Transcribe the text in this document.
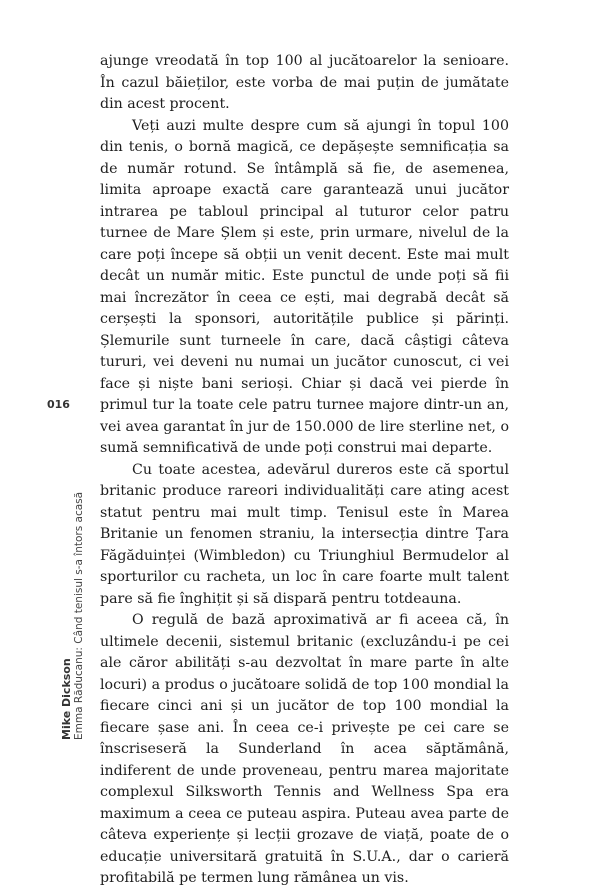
016
Mike Dickson Emma Răducanu: Când tenisul s-a întors acasă

ajunge vreodată în top 100 al jucătoarelor la senioare. În cazul băieților, este vorba de mai puțin de jumătate din acest procent.

Veți auzi multe despre cum să ajungi în topul 100 din tenis, o bornă magică, ce depășește semnificația sa de număr rotund. Se întâmplă să fie, de asemenea, limita aproape exactă care garantează unui jucător intrarea pe tabloul principal al tuturor celor patru turnee de Mare Șlem și este, prin urmare, nivelul de la care poți începe să obții un venit decent. Este mai mult decât un număr mitic. Este punctul de unde poți să fii mai încrezător în ceea ce ești, mai degrabă decât să cerșești la sponsori, autoritățile publice și părinți. Șlemurile sunt turneele în care, dacă câștigi câteva tururi, vei deveni nu numai un jucător cunoscut, ci vei face și niște bani serioși. Chiar și dacă vei pierde în primul tur la toate cele patru turnee majore dintr-un an, vei avea garantat în jur de 150.000 de lire sterline net, o sumă semnificativă de unde poți construi mai departe.

Cu toate acestea, adevărul dureros este că sportul britanic produce rareori individualități care ating acest statut pentru mai mult timp. Tenisul este în Marea Britanie un fenomen straniu, la intersecția dintre Țara Făgăduinței (Wimbledon) cu Triunghiul Bermudelor al sporturilor cu racheta, un loc în care foarte mult talent pare să fie înghițit și să dispară pentru totdeauna.

O regulă de bază aproximativă ar fi aceea că, în ultimele decenii, sistemul britanic (excluzându-i pe cei ale căror abilități s-au dezvoltat în mare parte în alte locuri) a produs o jucătoare solidă de top 100 mondial la fiecare cinci ani și un jucător de top 100 mondial la fiecare șase ani. În ceea ce-i privește pe cei care se înscriseseră la Sunderland în acea săptămână, indiferent de unde proveneau, pentru marea majoritate complexul Silksworth Tennis and Wellness Spa era maximum a ceea ce puteau aspira. Puteau avea parte de câteva experiențe și lecții grozave de viață, poate de o educație universitară gratuită în S.U.A., dar o carieră profitabilă pe termen lung rămânea un vis.
